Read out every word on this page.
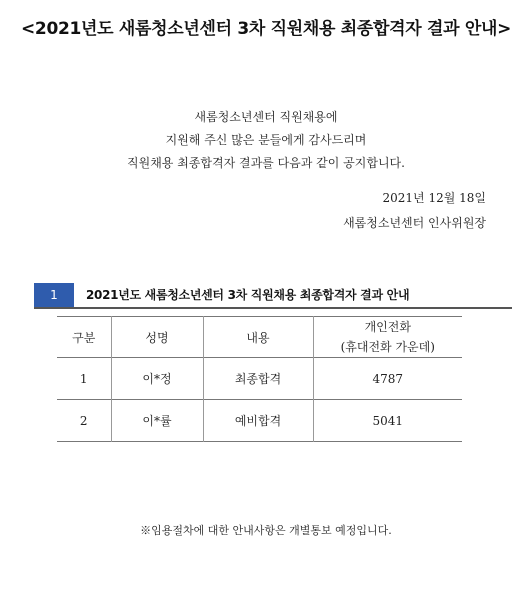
<2021년도 새롬청소년센터 3차 직원채용 최종합격자 결과 안내>
새롬청소년센터 직원채용에
지원해 주신 많은 분들에게 감사드리며
직원채용 최종합격자 결과를 다음과 같이 공지합니다.
2021년 12월 18일
새롬청소년센터 인사위원장
1	2021년도 새롬청소년센터 3차 직원채용 최종합격자 결과 안내
구분	성명	내용	개인전화
(휴대전화 가운데)

1	이*정	최종합격	4787
2	이*률	예비합격	5041
※임용절차에 대한 안내사항은 개별통보 예정입니다.
